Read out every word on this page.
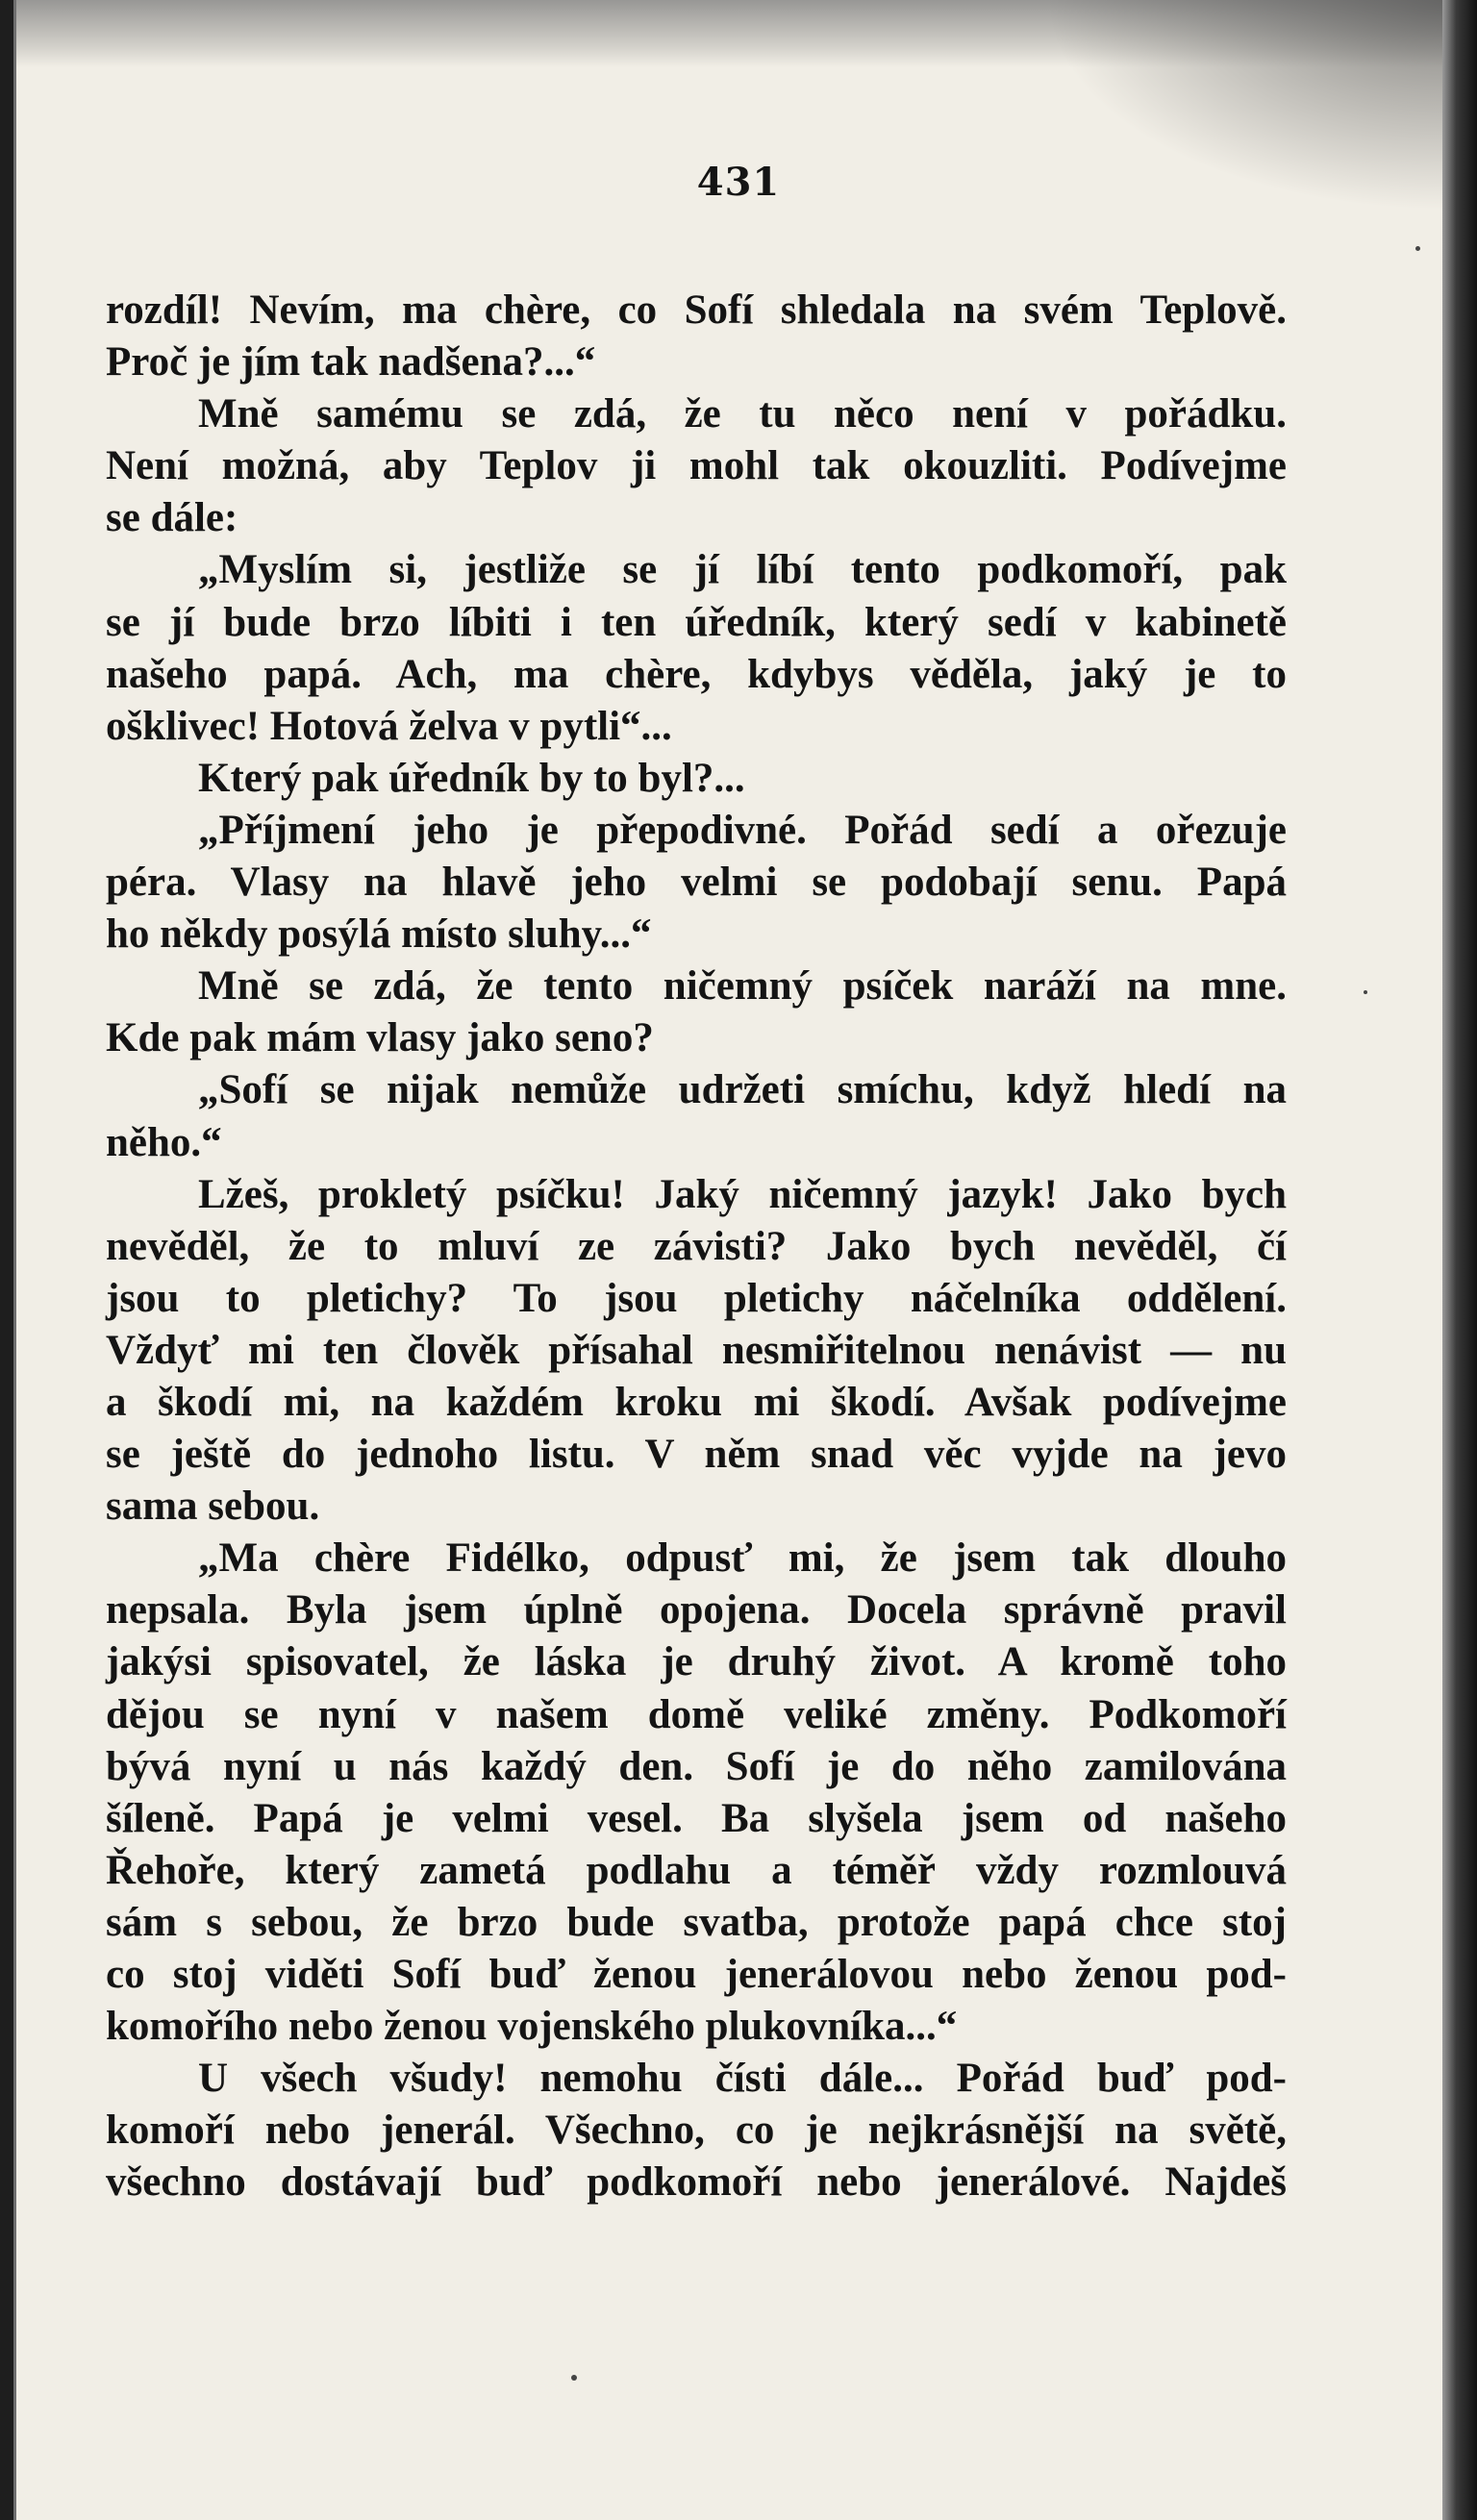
431
rozdíl! Nevím, ma chère, co Sofí shledala na svém Teplově.
Proč je jím tak nadšena?...“
Mně samému se zdá, že tu něco není v pořádku.
Není možná, aby Teplov ji mohl tak okouzliti. Podívejme
se dále:
„Myslím si, jestliže se jí líbí tento podkomoří, pak
se jí bude brzo líbiti i ten úředník, který sedí v kabinetě
našeho papá. Ach, ma chère, kdybys věděla, jaký je to
ošklivec! Hotová želva v pytli“...
Který pak úředník by to byl?...
„Příjmení jeho je přepodivné. Pořád sedí a ořezuje
péra. Vlasy na hlavě jeho velmi se podobají senu. Papá
ho někdy posýlá místo sluhy...“
Mně se zdá, že tento ničemný psíček naráží na mne.
Kde pak mám vlasy jako seno?
„Sofí se nijak nemůže udržeti smíchu, když hledí na
něho.“
Lžeš, prokletý psíčku! Jaký ničemný jazyk! Jako bych
nevěděl, že to mluví ze závisti? Jako bych nevěděl, čí
jsou to pletichy? To jsou pletichy náčelníka oddělení.
Vždyť mi ten člověk přísahal nesmiřitelnou nenávist — nu
a škodí mi, na každém kroku mi škodí. Avšak podívejme
se ještě do jednoho listu. V něm snad věc vyjde na jevo
sama sebou.
„Ma chère Fidélko, odpusť mi, že jsem tak dlouho
nepsala. Byla jsem úplně opojena. Docela správně pravil
jakýsi spisovatel, že láska je druhý život. A kromě toho
dějou se nyní v našem domě veliké změny. Podkomoří
bývá nyní u nás každý den. Sofí je do něho zamilována
šíleně. Papá je velmi vesel. Ba slyšela jsem od našeho
Řehoře, který zametá podlahu a téměř vždy rozmlouvá
sám s sebou, že brzo bude svatba, protože papá chce stoj
co stoj viděti Sofí buď ženou jenerálovou nebo ženou pod-
komořího nebo ženou vojenského plukovníka...“
U všech všudy! nemohu čísti dále... Pořád buď pod-
komoří nebo jenerál. Všechno, co je nejkrásnější na světě,
všechno dostávají buď podkomoří nebo jenerálové. Najdeš
